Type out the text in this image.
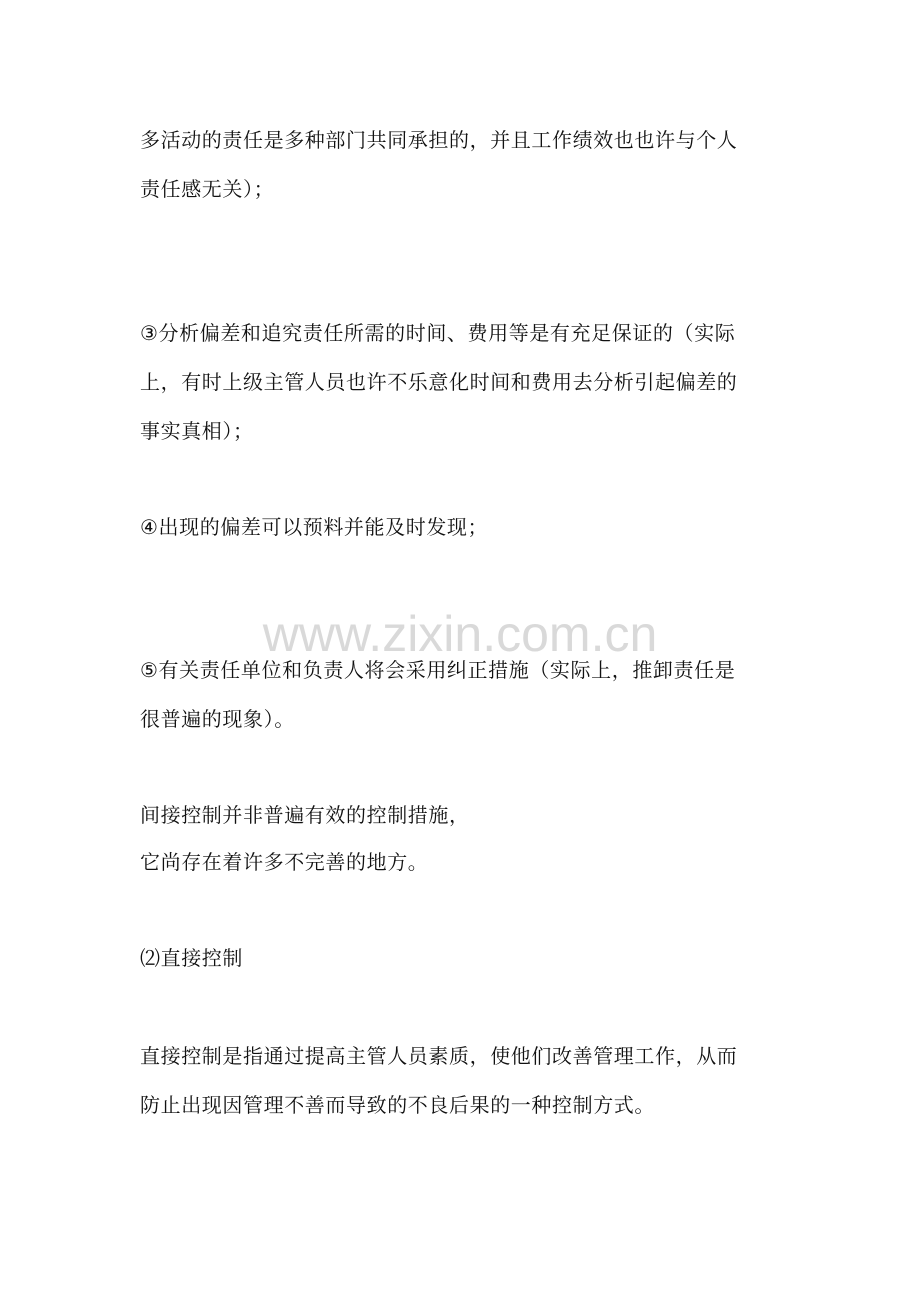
www.zixin.com.cn
多活动的责任是多种部门共同承担的，并且工作绩效也也许与个人
责任感无关）；
③分析偏差和追究责任所需的时间、费用等是有充足保证的（实际
上，有时上级主管人员也许不乐意化时间和费用去分析引起偏差的
事实真相）；
④出现的偏差可以预料并能及时发现；
⑤有关责任单位和负责人将会采用纠正措施（实际上，推卸责任是
很普遍的现象）。
间接控制并非普遍有效的控制措施，
它尚存在着许多不完善的地方。
⑵直接控制
直接控制是指通过提高主管人员素质，使他们改善管理工作，从而
防止出现因管理不善而导致的不良后果的一种控制方式。
